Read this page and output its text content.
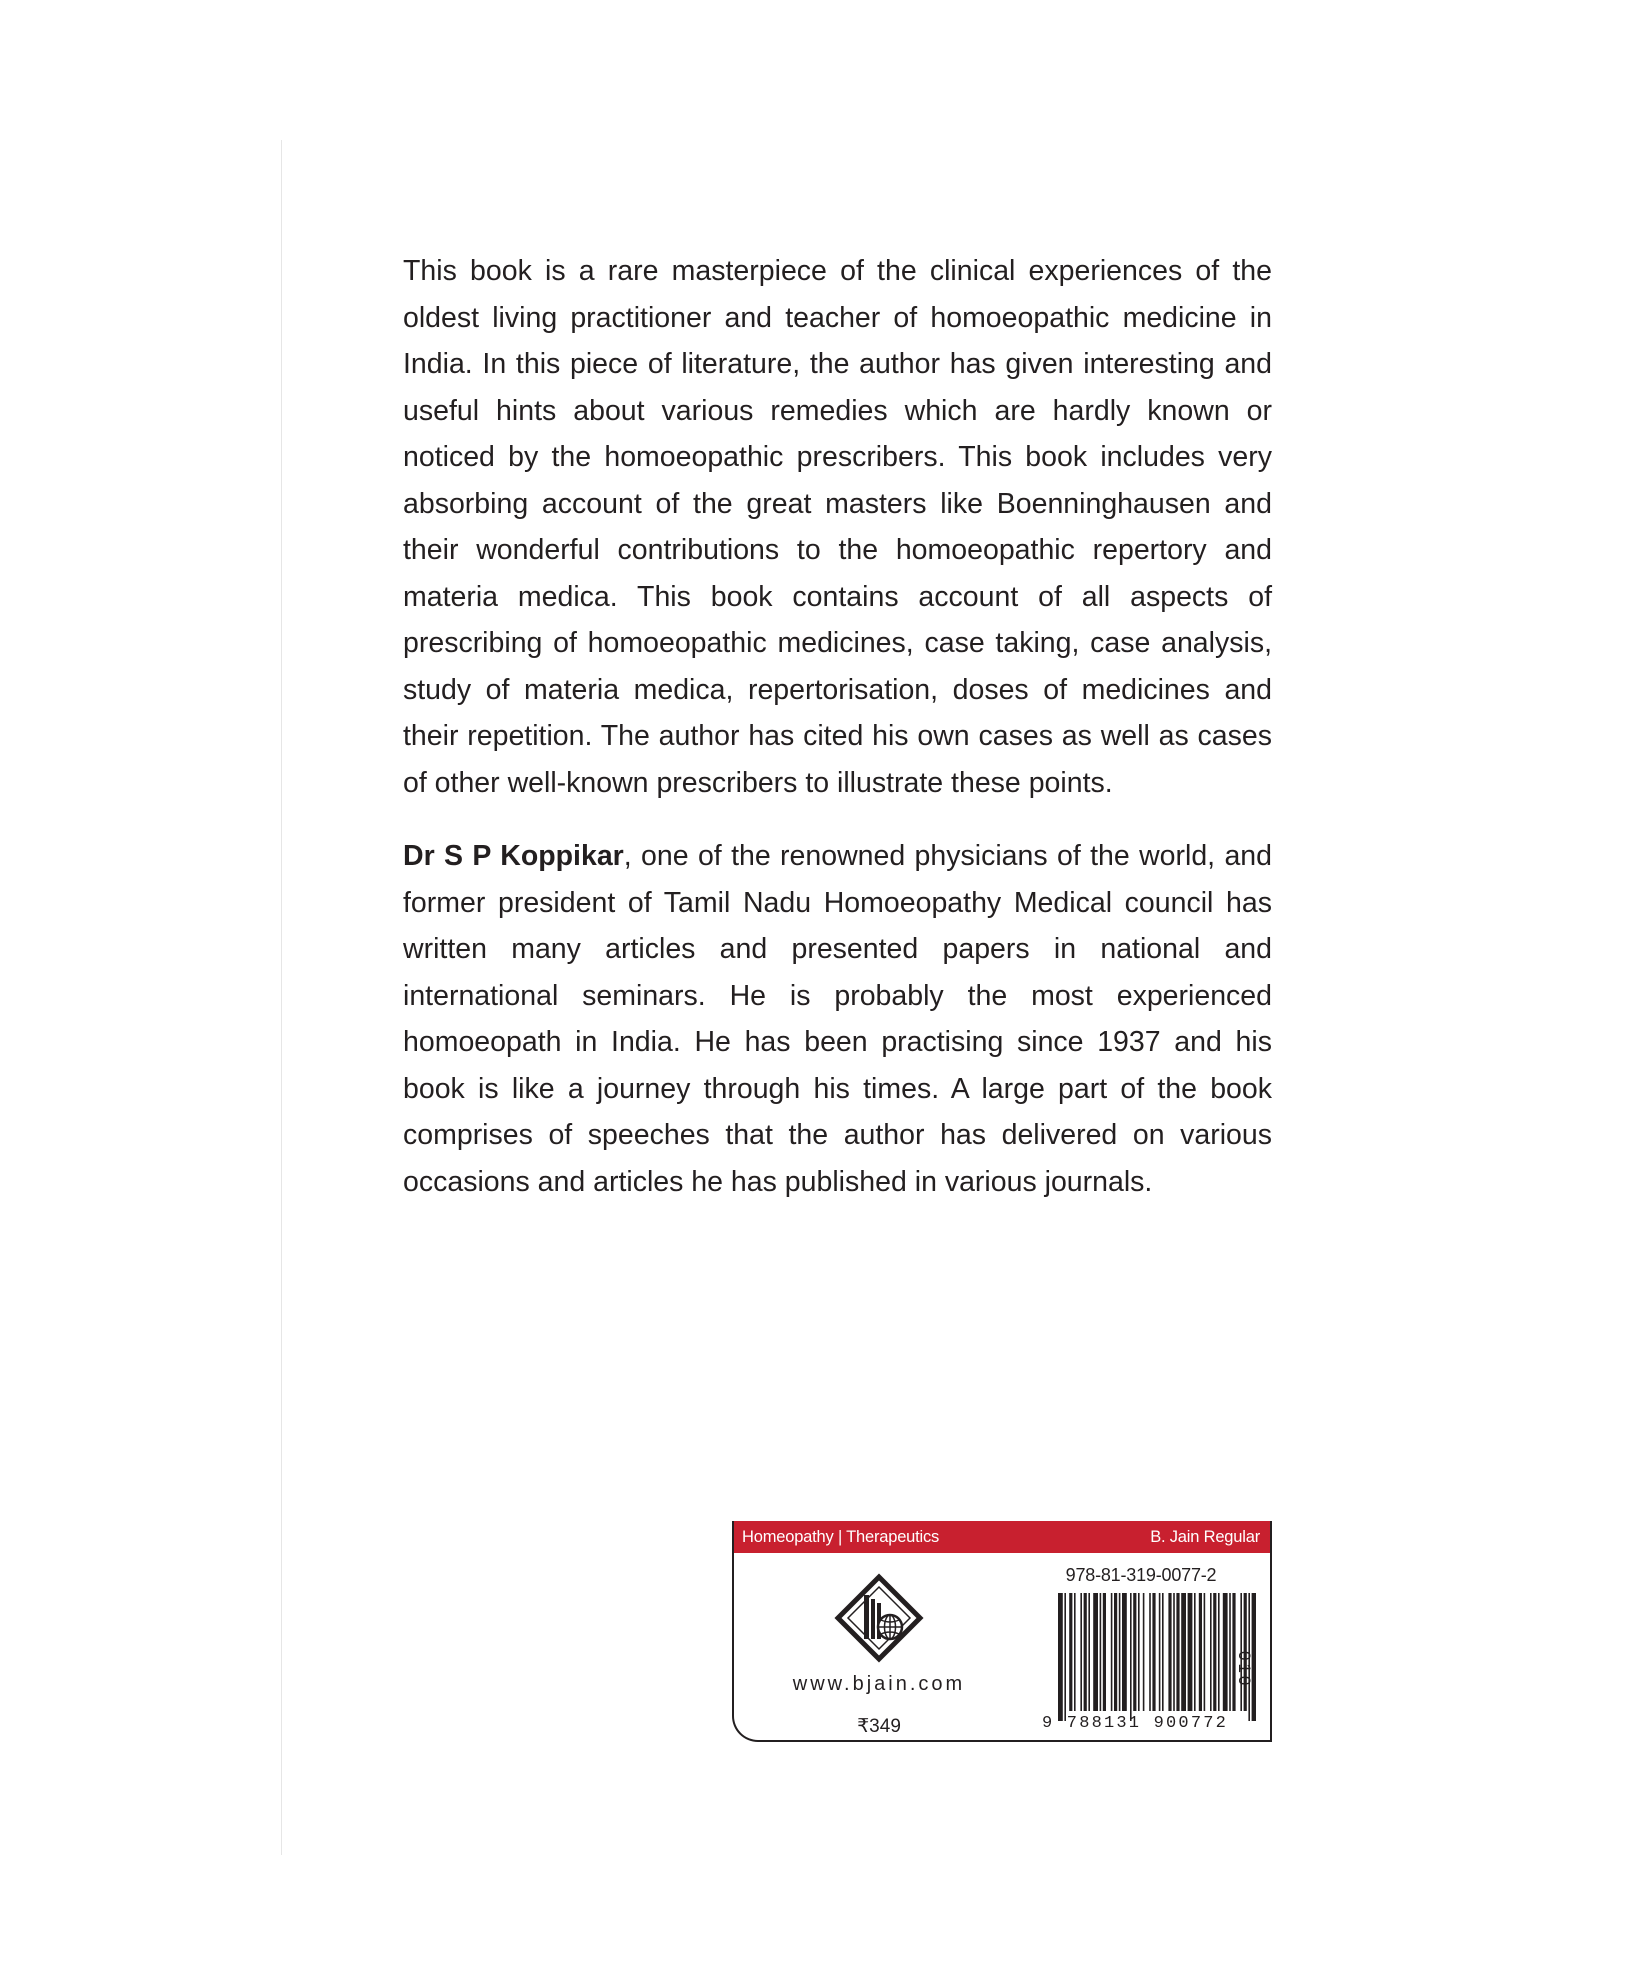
This book is a rare masterpiece of the clinical experiences of the oldest living practitioner and teacher of homoeopathic medicine in India. In this piece of literature, the author has given interesting and useful hints about various remedies which are hardly known or noticed by the homoeopathic prescribers. This book includes very absorbing account of the great masters like Boenninghausen and their wonderful contributions to the homoeopathic repertory and materia medica. This book contains account of all aspects of prescribing of homoeopathic medicines, case taking, case analysis, study of materia medica, repertorisation, doses of medicines and their repetition. The author has cited his own cases as well as cases of other well-known prescribers to illustrate these points.

Dr S P Koppikar, one of the renowned physicians of the world, and former president of Tamil Nadu Homoeopathy Medical council has written many articles and presented papers in national and international seminars. He is probably the most experienced homoeopath in India. He has been practising since 1937 and his book is like a journey through his times. A large part of the book comprises of speeches that the author has delivered on various occasions and articles he has published in various journals.

Homeopathy | Therapeutics	B. Jain Regular
www.bjain.com
₹349
978-81-319-0077-2
9 788131 900772
010
